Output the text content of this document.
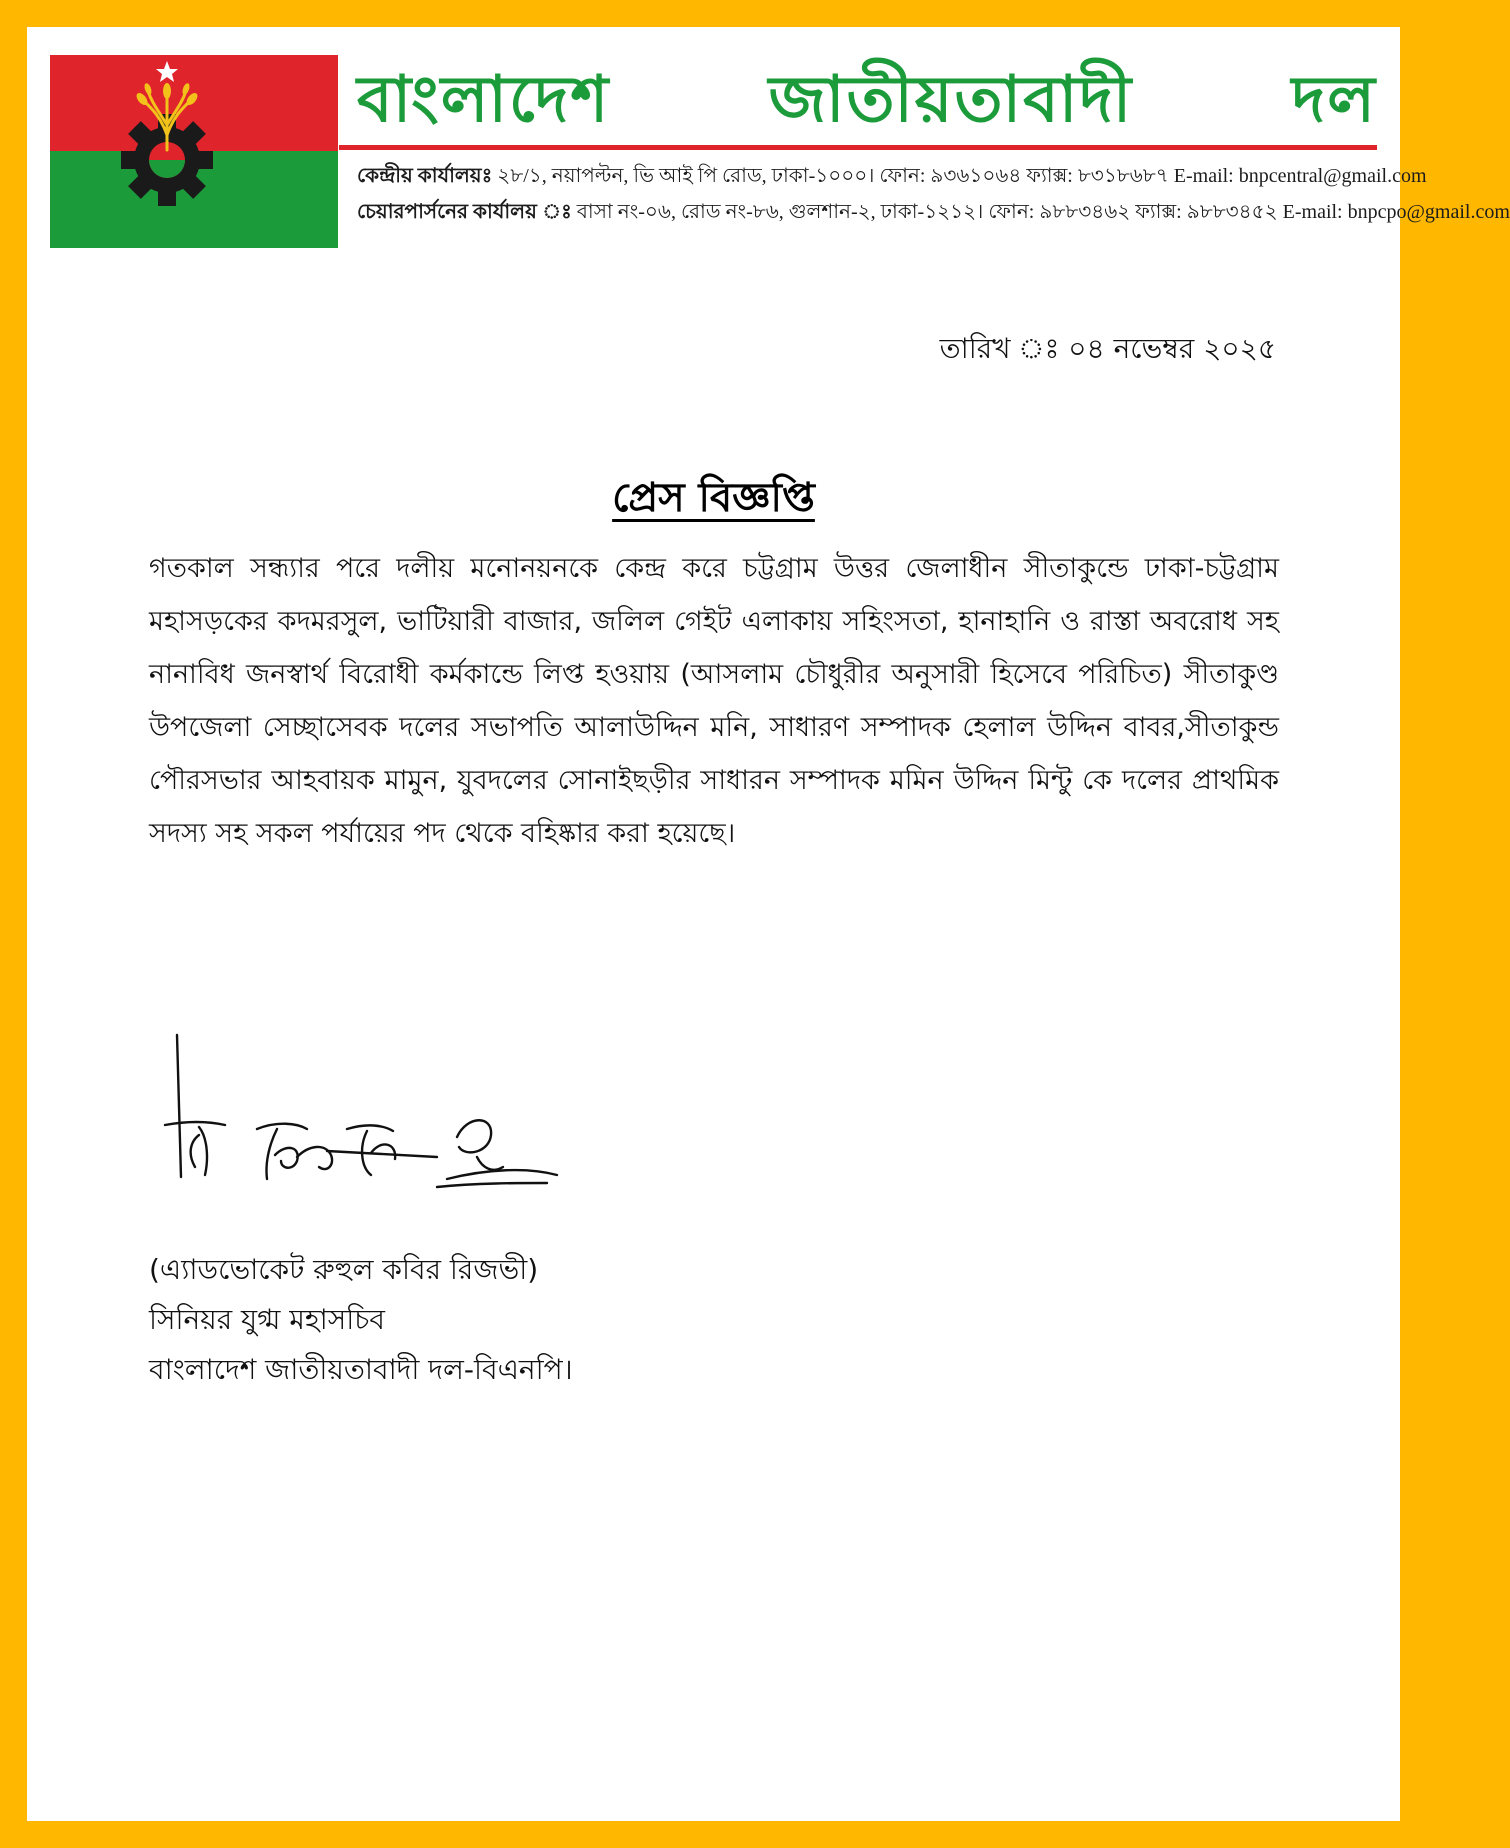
বাংলাদেশ জাতীয়তাবাদী দল
কেন্দ্রীয় কার্যালয়ঃ ২৮/১, নয়াপল্টন, ভি আই পি রোড, ঢাকা-১০০০। ফোন: ৯৩৬১০৬৪ ফ্যাক্স: ৮৩১৮৬৮৭ E-mail: bnpcentral@gmail.com
চেয়ারপার্সনের কার্যালয় ঃ বাসা নং-০৬, রোড নং-৮৬, গুলশান-২, ঢাকা-১২১২। ফোন: ৯৮৮৩৪৬২ ফ্যাক্স: ৯৮৮৩৪৫২ E-mail: bnpcpo@gmail.com
তারিখ ঃ ০৪ নভেম্বর ২০২৫
প্রেস বিজ্ঞপ্তি

গতকাল সন্ধ্যার পরে দলীয় মনোনয়নকে কেন্দ্র করে চট্টগ্রাম উত্তর জেলাধীন সীতাকুন্ডে ঢাকা-চট্টগ্রাম মহাসড়কের কদমরসুল, ভাটিয়ারী বাজার, জলিল গেইট এলাকায় সহিংসতা, হানাহানি ও রাস্তা অবরোধ সহ নানাবিধ জনস্বার্থ বিরোধী কর্মকান্ডে লিপ্ত হওয়ায় (আসলাম চৌধুরীর অনুসারী হিসেবে পরিচিত) সীতাকুণ্ড উপজেলা সেচ্ছাসেবক দলের সভাপতি আলাউদ্দিন মনি, সাধারণ সম্পাদক হেলাল উদ্দিন বাবর,সীতাকুন্ড পৌরসভার আহবায়ক মামুন, যুবদলের সোনাইছড়ীর সাধারন সম্পাদক মমিন উদ্দিন মিন্টু কে দলের প্রাথমিক সদস্য সহ সকল পর্যায়ের পদ থেকে বহিষ্কার করা হয়েছে।

(এ্যাডভোকেট রুহুল কবির রিজভী)
সিনিয়র যুগ্ম মহাসচিব
বাংলাদেশ জাতীয়তাবাদী দল-বিএনপি।
